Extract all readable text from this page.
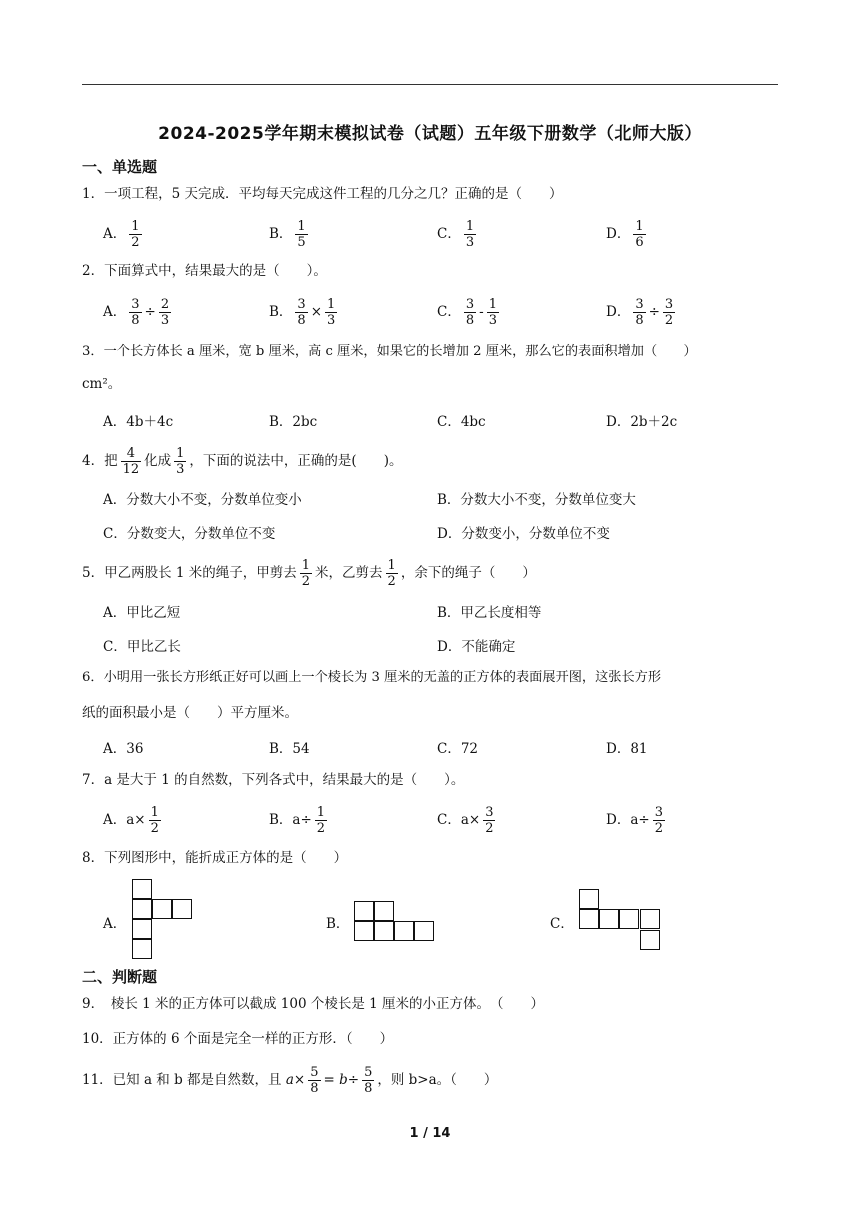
2024-2025学年期末模拟试卷（试题）五年级下册数学（北师大版）
一、单选题
1．一项工程，5 天完成．平均每天完成这件工程的几分之几？正确的是（　　）
A． $\frac{1}{2}$	B． $\frac{1}{5}$	C． $\frac{1}{3}$	D． $\frac{1}{6}$
2．下面算式中，结果最大的是（　　）。
A． $\frac{3}{8} \div \frac{2}{3}$	B． $\frac{3}{8} \times \frac{1}{3}$	C． $\frac{3}{8} - \frac{1}{3}$	D． $\frac{3}{8} \div \frac{3}{2}$
3．一个长方体长 a 厘米，宽 b 厘米，高 c 厘米，如果它的长增加 2 厘米，那么它的表面积增加（　　）
cm²。
A．4b＋4c	B．2bc	C．4bc	D．2b＋2c
4．把 $\frac{4}{12}$ 化成 $\frac{1}{3}$ ，下面的说法中，正确的是(　　)。
A．分数大小不变，分数单位变小	B．分数大小不变，分数单位变大
C．分数变大，分数单位不变	D．分数变小，分数单位不变
5．甲乙两股长 1 米的绳子，甲剪去 $\frac{1}{2}$ 米，乙剪去 $\frac{1}{2}$ ，余下的绳子（　　）
A．甲比乙短	B．甲乙长度相等
C．甲比乙长	D．不能确定
6．小明用一张长方形纸正好可以画上一个棱长为 3 厘米的无盖的正方体的表面展开图，这张长方形
纸的面积最小是（　　）平方厘米。
A．36	B．54	C．72	D．81
7．a 是大于 1 的自然数，下列各式中，结果最大的是（　　）。
A．$a\times \frac{1}{2}$	B．$a\div \frac{1}{2}$	C．$a\times \frac{3}{2}$	D．$a\div \frac{3}{2}$
8．下列图形中，能折成正方体的是（　　）
A．	B．	C．
二、判断题
9．　棱长 1 米的正方体可以截成 100 个棱长是 1 厘米的小正方体。　（　　）
10．正方体的 6 个面是完全一样的正方形．（　　）
11．已知 a 和 b 都是自然数，且 $a\times \frac{5}{8} = b\div \frac{5}{8}$ ，则 b>a。（　　）
1 / 14
